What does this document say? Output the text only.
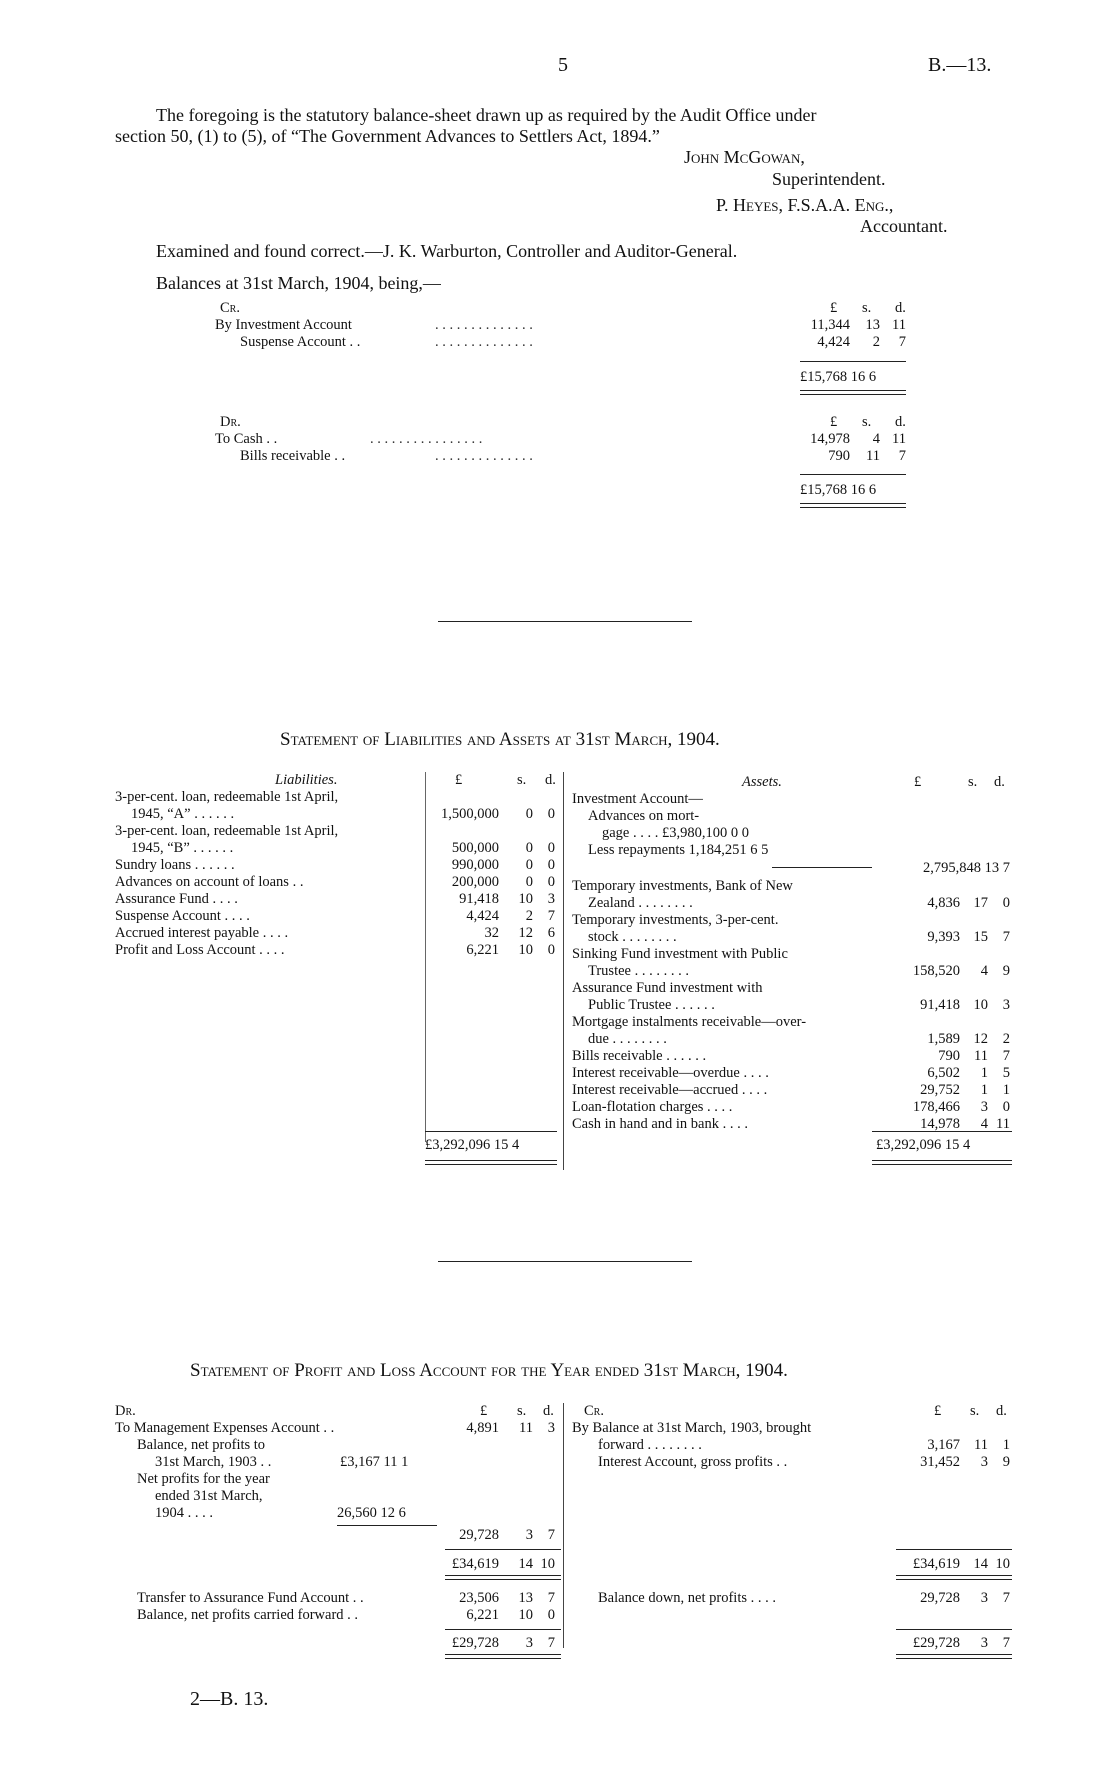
5	B.—13.
The foregoing is the statutory balance-sheet drawn up as required by the Audit Office under
section 50, (1) to (5), of “The Government Advances to Settlers Act, 1894.”
John McGowan,
Superintendent.
P. Heyes, F.S.A.A. Eng.,
Accountant.
Examined and found correct.—J. K. Warburton, Controller and Auditor-General.
Balances at 31st March, 1904, being,—
Cr.	£ s. d.
By Investment Account	. . . . . . . . . . . . . .	11,344 13 11
Suspense Account . .	. . . . . . . . . . . . . .	4,424 2 7
£15,768 16 6
Dr.	£ s. d.
To Cash . .	. . . . . . . . . . . . . . . .	14,978 4 11
Bills receivable . .	. . . . . . . . . . . . . .	790 11 7
£15,768 16 6
Statement of Liabilities and Assets at 31st March, 1904.
Liabilities.	£	s. d.
3-per-cent. loan, redeemable 1st April,
1945, “A” . . . . . .	1,500,000 0 0
3-per-cent. loan, redeemable 1st April,
1945, “B” . . . . . .	500,000 0 0
Sundry loans . . . . . .	990,000 0 0
Advances on account of loans . .	200,000 0 0
Assurance Fund . . . .	91,418 10 3
Suspense Account . . . .	4,424 2 7
Accrued interest payable . . . .	32 12 6
Profit and Loss Account . . . .	6,221 10 0
£3,292,096 15 4
Assets.	£	s. d.
Investment Account—
Advances on mort-
gage . . . . £3,980,100 0 0
Less repayments 1,184,251 6 5
2,795,848 13 7
Temporary investments, Bank of New
Zealand . . . . . . . .	4,836 17 0
Temporary investments, 3-per-cent.
stock . . . . . . . .	9,393 15 7
Sinking Fund investment with Public
Trustee . . . . . . . .	158,520 4 9
Assurance Fund investment with
Public Trustee . . . . . .	91,418 10 3
Mortgage instalments receivable—over-
due . . . . . . . .	1,589 12 2
Bills receivable . . . . . .	790 11 7
Interest receivable—overdue . . . .	6,502 1 5
Interest receivable—accrued . . . .	29,752 1 1
Loan-flotation charges . . . .	178,466 3 0
Cash in hand and in bank . . . .	14,978 4 11
£3,292,096 15 4
Statement of Profit and Loss Account for the Year ended 31st March, 1904.
Dr.	£ s. d.
To Management Expenses Account . .	4,891 11 3
Balance, net profits to
31st March, 1903 . .	£3,167 11 1
Net profits for the year
ended 31st March,
1904 . . . .	26,560 12 6
29,728 3 7
£34,619 14 10
Transfer to Assurance Fund Account . .	23,506 13 7
Balance, net profits carried forward . .	6,221 10 0
£29,728 3 7
Cr.	£ s. d.
By Balance at 31st March, 1903, brought
forward . . . . . . . .	3,167 11 1
Interest Account, gross profits . .	31,452 3 9
£34,619 14 10
Balance down, net profits . . . .	29,728 3 7
£29,728 3 7
2—B. 13.
